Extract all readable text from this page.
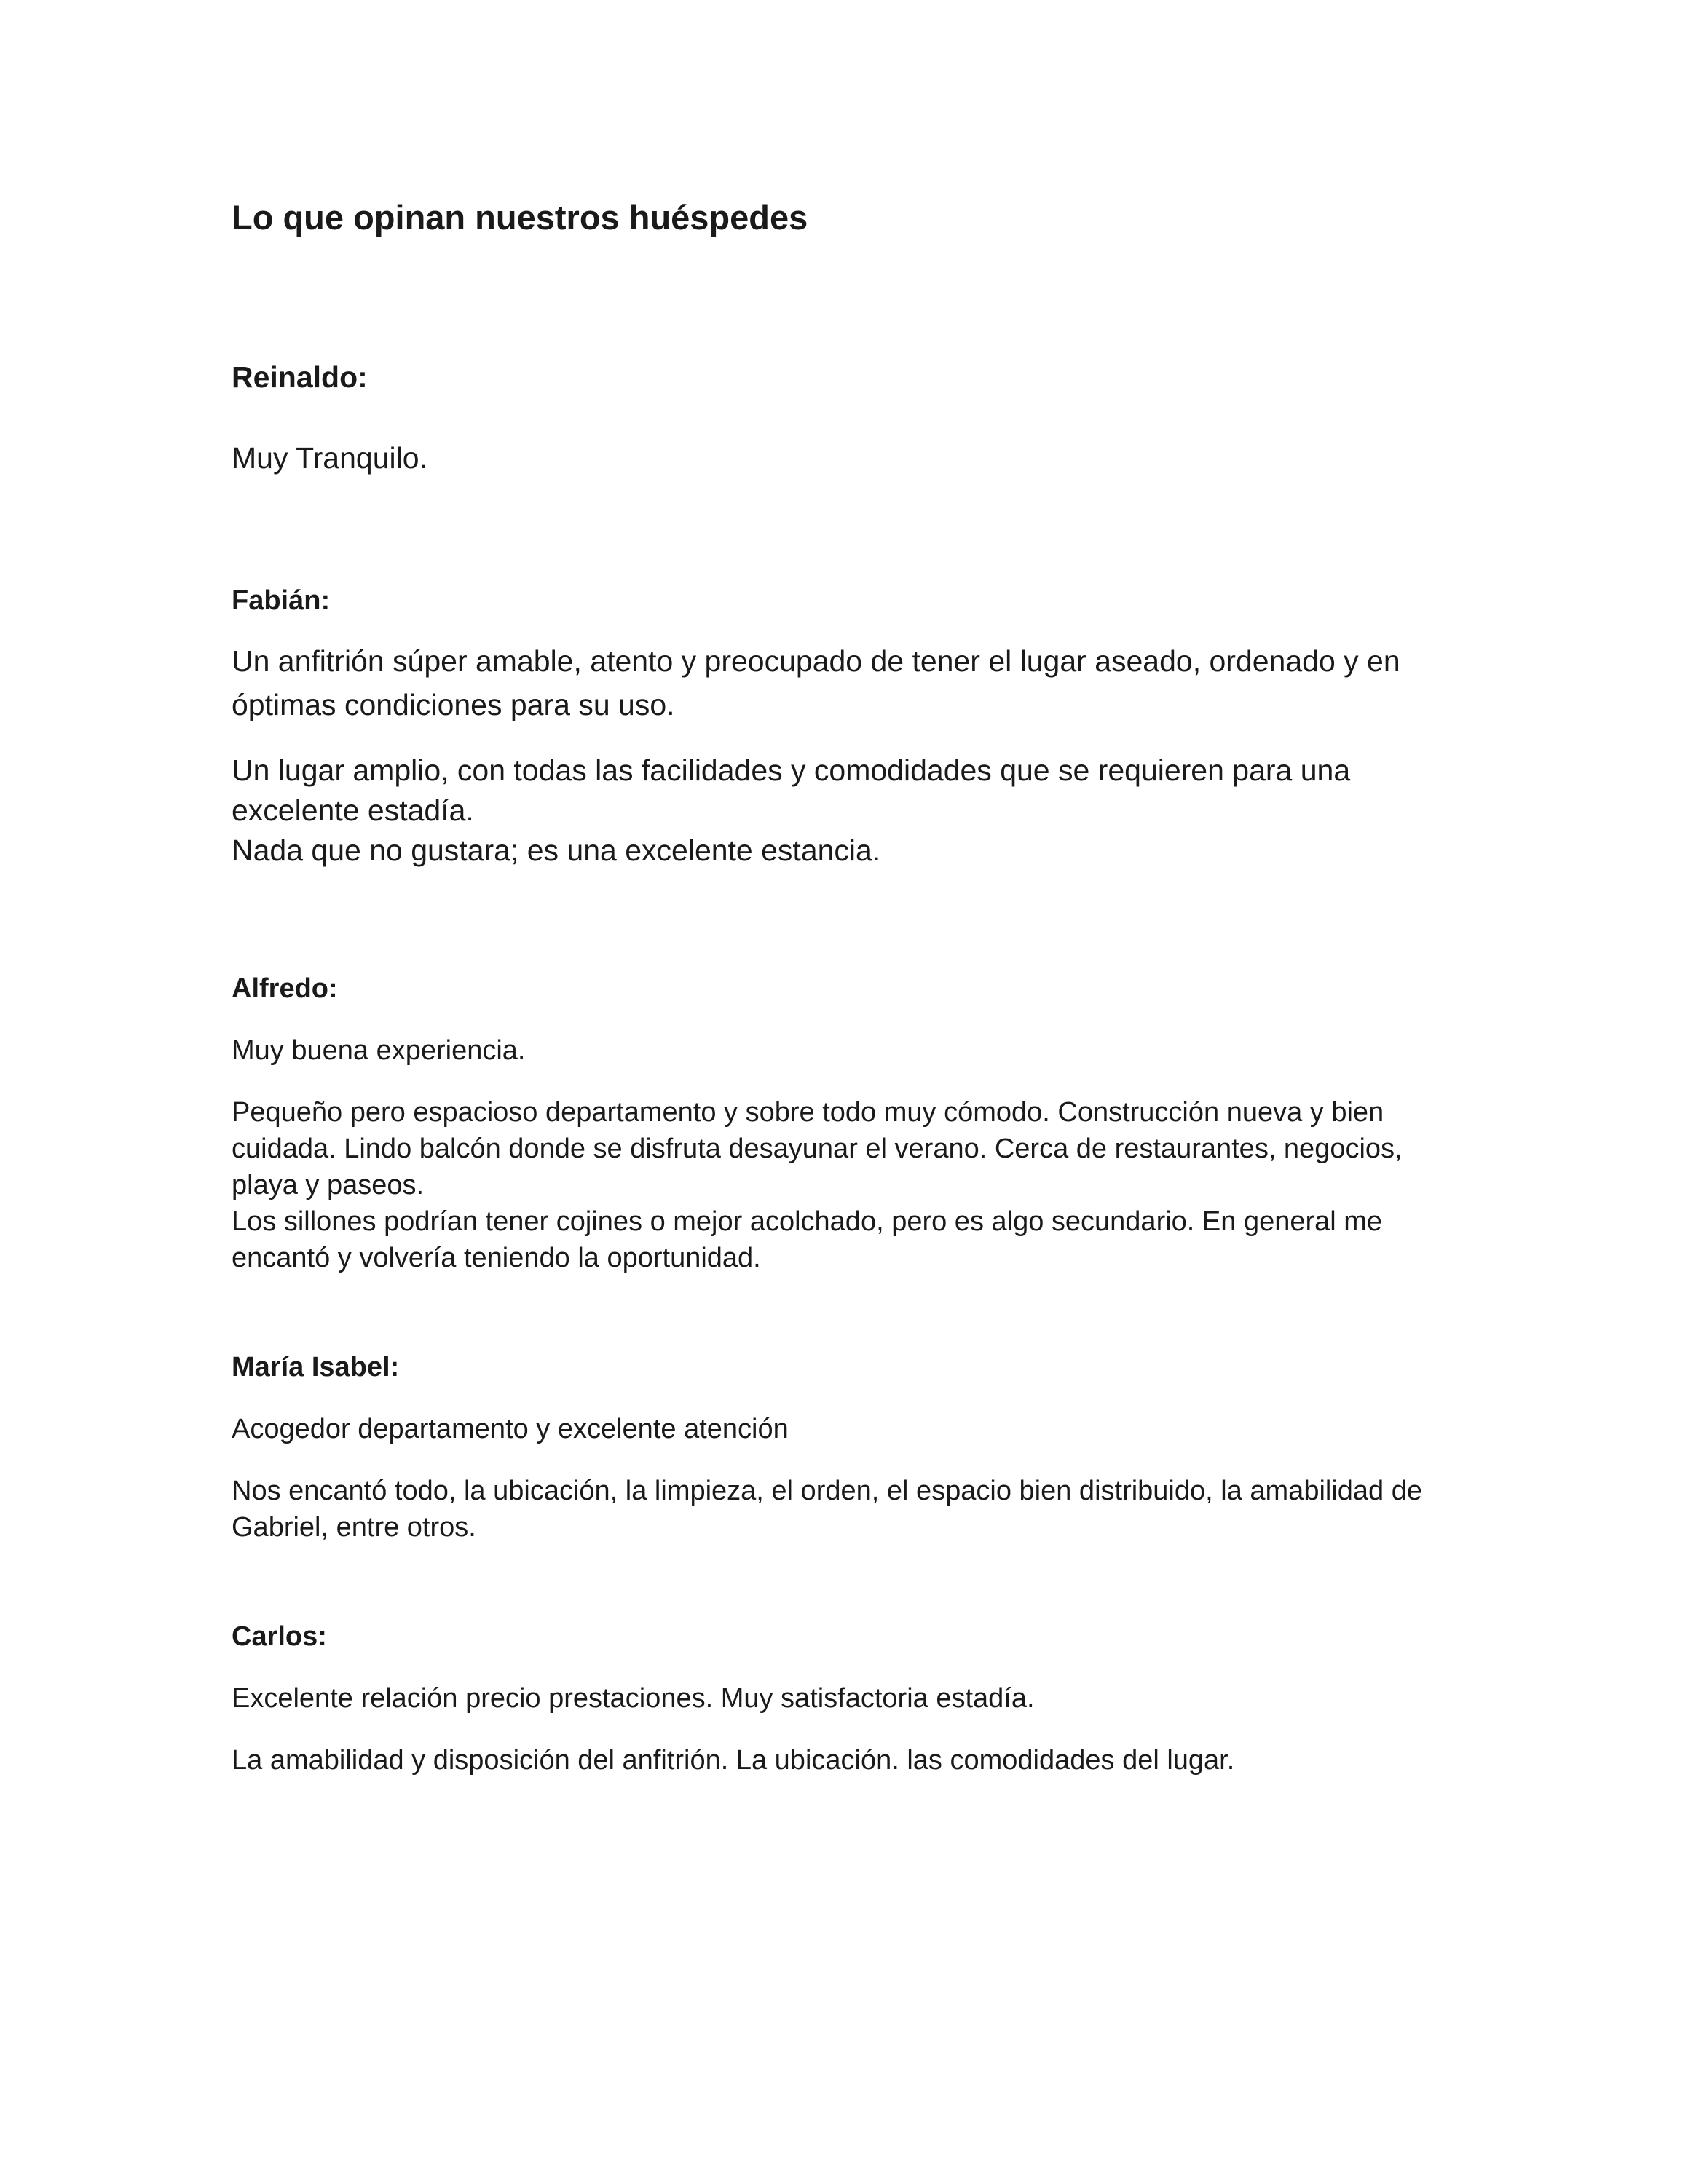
Lo que opinan nuestros huéspedes
Reinaldo:
Muy Tranquilo.
Fabián:
Un anfitrión súper amable, atento y preocupado de tener el lugar aseado, ordenado y en
óptimas condiciones para su uso.
Un lugar amplio, con todas las facilidades y comodidades que se requieren para una
excelente estadía.
Nada que no gustara; es una excelente estancia.
Alfredo:
Muy buena experiencia.
Pequeño pero espacioso departamento y sobre todo muy cómodo. Construcción nueva y bien
cuidada. Lindo balcón donde se disfruta desayunar el verano. Cerca de restaurantes, negocios,
playa y paseos.
Los sillones podrían tener cojines o mejor acolchado, pero es algo secundario. En general me
encantó y volvería teniendo la oportunidad.
María Isabel:
Acogedor departamento y excelente atención
Nos encantó todo, la ubicación, la limpieza, el orden, el espacio bien distribuido, la amabilidad de
Gabriel, entre otros.
Carlos:
Excelente relación precio prestaciones. Muy satisfactoria estadía.
La amabilidad y disposición del anfitrión. La ubicación. las comodidades del lugar.
